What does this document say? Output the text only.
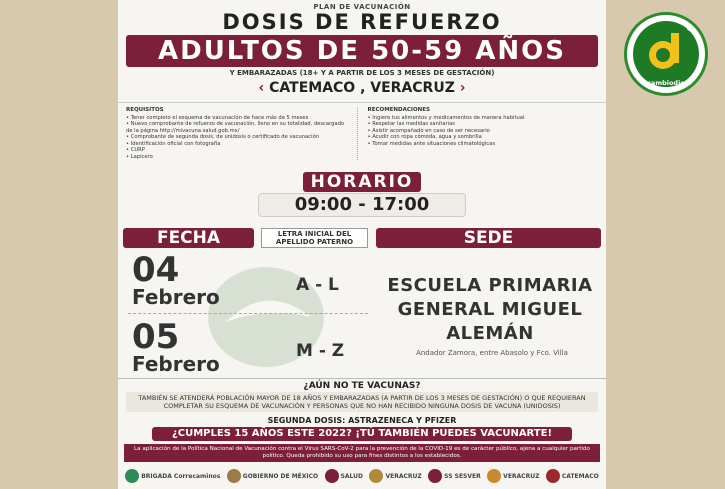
PLAN DE VACUNACIÓN
DOSIS DE REFUERZO
ADULTOS DE 50-59 AÑOS
Y EMBARAZADAS (18+ Y A PARTIR DE LOS 3 MESES DE GESTACIÓN)
‹ CATEMACO , VERACRUZ ›
REQUISITOS
• Tener completo el esquema de vacunación de hace más de 5 meses
• Nuevo comprobante de refuerzo de vacunación, lleno en su totalidad, descargado
de la página http://mivacuna.salud.gob.mx/
• Comprobante de segunda dosis, de unidosis o certificado de vacunación
• Identificación oficial con fotografía
• CURP
• Lapicero
RECOMENDACIONES
• Ingiere tus alimentos y medicamentos de manera habitual
• Respetar las medidas sanitarias
• Asistir acompañado en caso de ser necesario
• Acudir con ropa cómoda, agua y sombrilla
• Tomar medidas ante situaciones climatológicas
HORARIO
09:00 - 17:00
FECHA	LETRA INICIAL DEL APELLIDO PATERNO	SEDE
04
Febrero	A - L
05
Febrero
M - Z
ESCUELA PRIMARIA GENERAL MIGUEL ALEMÁN
Andador Zamora, entre Abasolo y Fco. Villa
¿AÚN NO TE VACUNAS?
TAMBIÉN SE ATENDERÁ POBLACIÓN MAYOR DE 18 AÑOS Y EMBARAZADAS (A PARTIR DE LOS 3 MESES DE GESTACIÓN) O QUE REQUIERAN COMPLETAR SU ESQUEMA DE VACUNACIÓN Y PERSONAS QUE NO HAN RECIBIDO NINGUNA DOSIS DE VACUNA (UNIDOSIS)
SEGUNDA DOSIS: ASTRAZENECA Y PFIZER
¿CUMPLES 15 AÑOS ESTE 2022? ¡TÚ TAMBIÉN PUEDES VACUNARTE!
La aplicación de la Política Nacional de Vacunación contra el Virus SARS-CoV-2 para la prevención de la COVID-19 es de carácter público, ajena a cualquier partido político. Queda prohibido su uso para fines distintos a los establecidos.
BRIGADA Correcaminos	GOBIERNO DE MÉXICO	SALUD	VERACRUZ	SS SESVER	VERACRUZ	CATEMACO
®
cambiodigital
